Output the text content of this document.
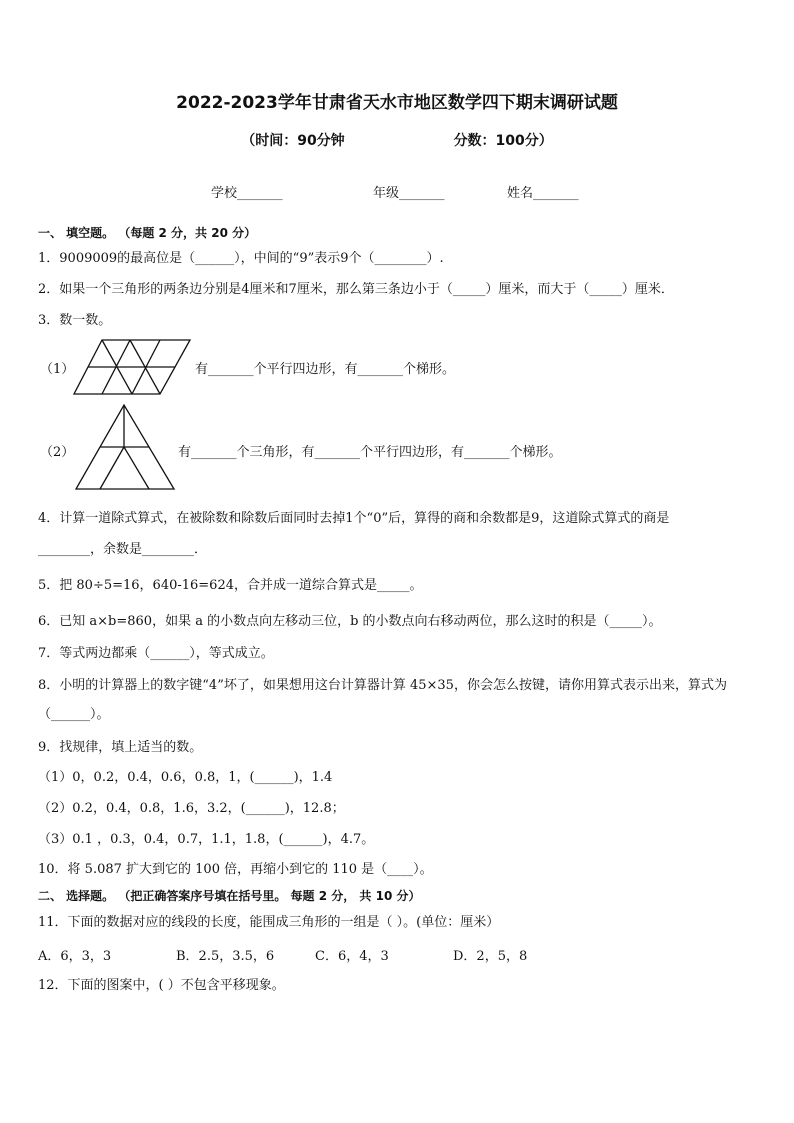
2022-2023学年甘肃省天水市地区数学四下期末调研试题
（时间：90分钟	分数：100分）
学校_______	年级_______	姓名_______
一、 填空题。 （每题 2 分，共 20 分）
1．9009009的最高位是（______），中间的“9”表示9个（________）.
2．如果一个三角形的两条边分别是4厘米和7厘米，那么第三条边小于（_____）厘米，而大于（_____）厘米．
3．数一数。
（1）	有_______个平行四边形，有_______个梯形。
（2）	有_______个三角形，有_______个平行四边形，有_______个梯形。
4．计算一道除式算式，在被除数和除数后面同时去掉1个“0”后，算得的商和余数都是9，这道除式算式的商是
________，余数是________．
5．把 80÷5=16，640-16=624，合并成一道综合算式是_____。
6．已知 a×b=860，如果 a 的小数点向左移动三位，b 的小数点向右移动两位，那么这时的积是（_____）。
7．等式两边都乘（______），等式成立。
8．小明的计算器上的数字键“4”坏了，如果想用这台计算器计算 45×35，你会怎么按键，请你用算式表示出来，算式为
（______）。
9．找规律，填上适当的数。
（1）0，0.2，0.4，0.6，0.8，1，(______)，1.4
（2）0.2，0.4，0.8，1.6，3.2，(______)，12.8；
（3）0.1 ，0.3，0.4，0.7，1.1，1.8，(______)，4.7。
10．将 5.087 扩大到它的 100 倍，再缩小到它的 110 是（____）。
二、 选择题。 （把正确答案序号填在括号里。 每题 2 分， 共 10 分）
11．下面的数据对应的线段的长度，能围成三角形的一组是（ ）。(单位：厘米）
A．6，3，3	B．2.5，3.5，6	C．6，4，3	D．2，5，8
12．下面的图案中，( ）不包含平移现象。
